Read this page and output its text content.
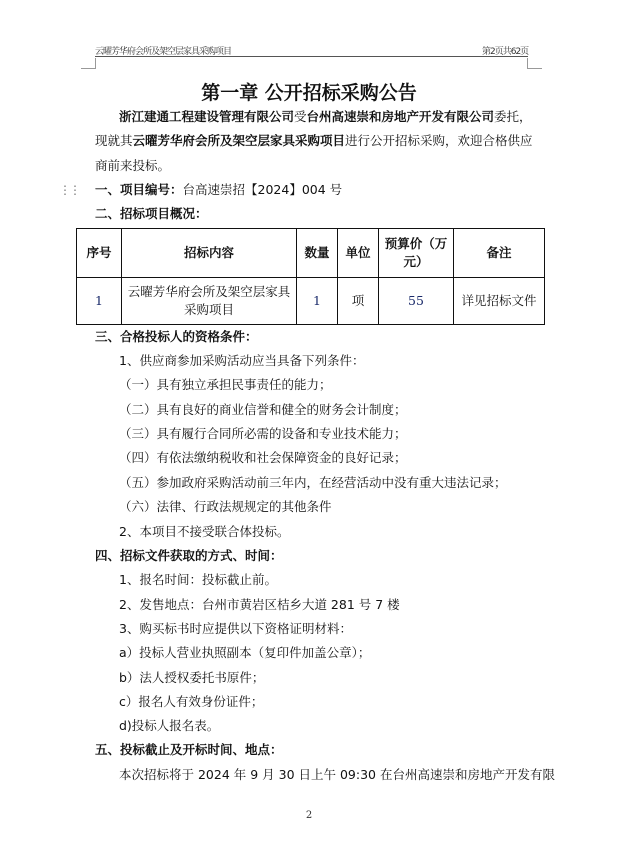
云曜芳华府会所及架空层家具采购项目	第2页共62页
第一章 公开招标采购公告
浙江建通工程建设管理有限公司受台州高速崇和房地产开发有限公司委托，
现就其云曜芳华府会所及架空层家具采购项目进行公开招标采购，欢迎合格供应
商前来投标。
⋮⋮ 一、项目编号：台高速崇招【2024】004 号
二、招标项目概况：
序号	招标内容	数量	单位	预算价（万元）	备注
1	云曜芳华府会所及架空层家具采购项目	1	项	55	详见招标文件
三、合格投标人的资格条件：
1、供应商参加采购活动应当具备下列条件：
（一）具有独立承担民事责任的能力；
（二）具有良好的商业信誉和健全的财务会计制度；
（三）具有履行合同所必需的设备和专业技术能力；
（四）有依法缴纳税收和社会保障资金的良好记录；
（五）参加政府采购活动前三年内，在经营活动中没有重大违法记录；
（六）法律、行政法规规定的其他条件
2、本项目不接受联合体投标。
四、招标文件获取的方式、时间：
1、报名时间：投标截止前。
2、发售地点：台州市黄岩区桔乡大道 281 号 7 楼
3、购买标书时应提供以下资格证明材料：
a）投标人营业执照副本（复印件加盖公章）；
b）法人授权委托书原件；
c）报名人有效身份证件；
d)投标人报名表。
五、投标截止及开标时间、地点：
本次招标将于 2024 年 9 月 30 日上午 09:30 在台州高速崇和房地产开发有限
2
